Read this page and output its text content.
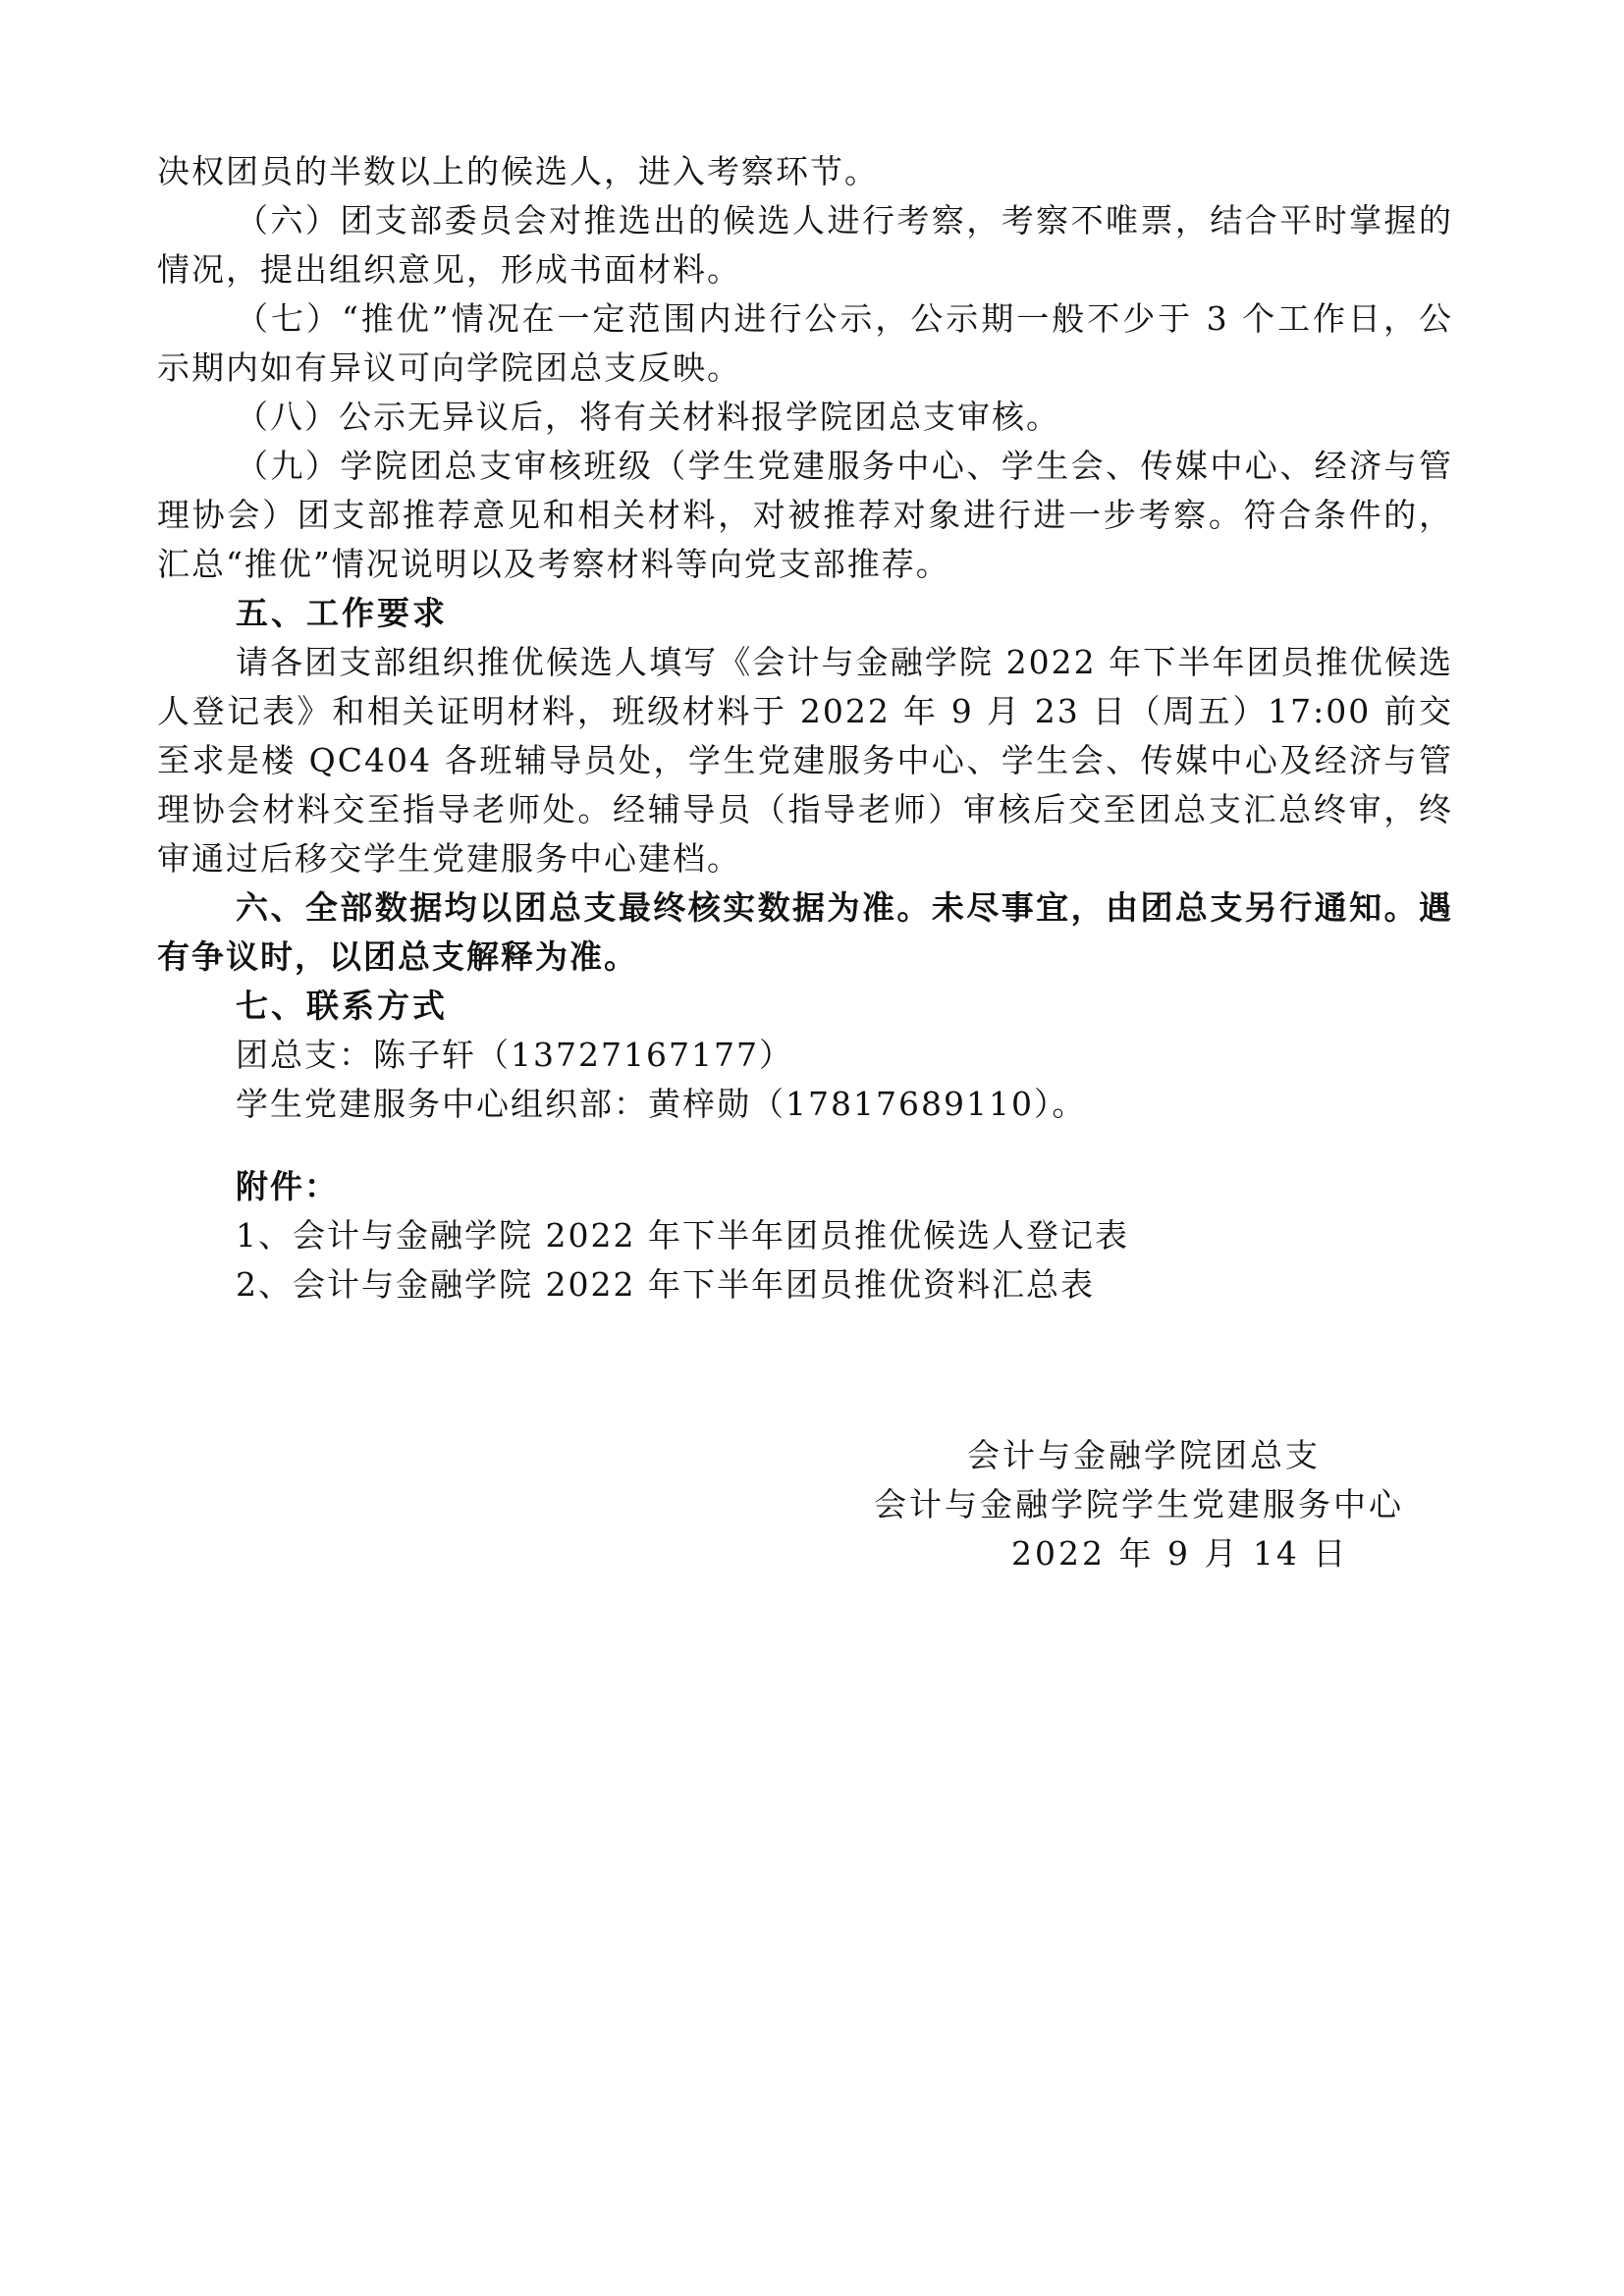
决权团员的半数以上的候选人，进入考察环节。

（六）团支部委员会对推选出的候选人进行考察，考察不唯票，结合平时掌握的情况，提出组织意见，形成书面材料。

（七）“推优”情况在一定范围内进行公示，公示期一般不少于 3 个工作日，公示期内如有异议可向学院团总支反映。

（八）公示无异议后，将有关材料报学院团总支审核。

（九）学院团总支审核班级（学生党建服务中心、学生会、传媒中心、经济与管理协会）团支部推荐意见和相关材料，对被推荐对象进行进一步考察。符合条件的，汇总“推优”情况说明以及考察材料等向党支部推荐。

五、工作要求

请各团支部组织推优候选人填写《会计与金融学院 2022 年下半年团员推优候选人登记表》和相关证明材料，班级材料于 2022 年 9 月 23 日（周五）17:00 前交至求是楼 QC404 各班辅导员处，学生党建服务中心、学生会、传媒中心及经济与管理协会材料交至指导老师处。经辅导员（指导老师）审核后交至团总支汇总终审，终审通过后移交学生党建服务中心建档。

六、全部数据均以团总支最终核实数据为准。未尽事宜，由团总支另行通知。遇有争议时，以团总支解释为准。

七、联系方式

团总支：陈子轩（13727167177）

学生党建服务中心组织部：黄梓勋（17817689110）。

附件：

1、会计与金融学院 2022 年下半年团员推优候选人登记表

2、会计与金融学院 2022 年下半年团员推优资料汇总表

会计与金融学院团总支
会计与金融学院学生党建服务中心
2022 年 9 月 14 日
